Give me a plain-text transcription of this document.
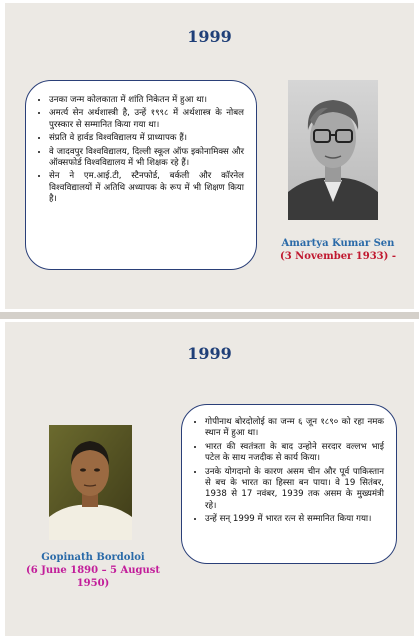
1999
• उनका जन्म कोलकाता में शांति निकेतन में हुआ था।
• अमर्त्य सेन अर्थशास्त्री है, उन्हें १९९८ में अर्थशास्त्र के नोबल पुरस्कार से सम्मानित किया गया था।
• संप्रति वे हार्वड विश्वविद्यालय में प्राध्यापक हैं।
• वे जादवपुर विश्वविद्यालय, दिल्ली स्कूल ऑफ इकोनामिक्स और ऑक्सफोर्ड विश्वविद्यालय में भी शिक्षक रहे हैं।
• सेन ने एम.आई.टी, स्टैनफोर्ड, बर्कली और कॉरनेल विश्वविद्यालयों में अतिथि अध्यापक के रूप में भी शिक्षण किया है।
Amartya Kumar Sen
(3 November 1933) -
1999
• गोपीनाथ बोरदोलोई का जन्म ६ जून १८९० को रहा नमक स्थान में हुआ था।
• भारत की स्वतंत्रता के बाद उन्होने सरदार वल्लभ भाई पटेल के साथ नजदीक से कार्य किया।
• उनके योगदानो के कारण असम चीन और पूर्व पाकिस्तान से बच के भारत का हिस्सा बन पाया। वे 19 सितंबर, 1938 से 17 नवंबर, 1939 तक असम के मुख्यमंत्री रहे।
• उन्हें सन् 1999 में भारत रत्न से सम्मानित किया गया।
Gopinath Bordoloi
(6 June 1890 – 5 August 1950)
